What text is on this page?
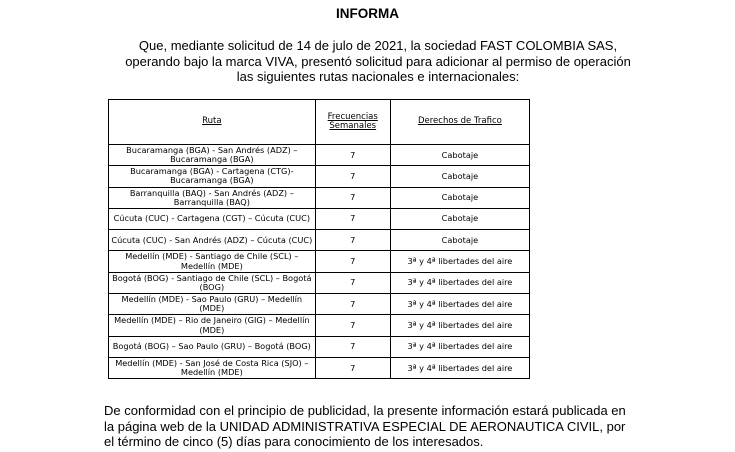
INFORMA
Que, mediante solicitud de 14 de julo de 2021, la sociedad FAST COLOMBIA SAS,
operando bajo la marca VIVA, presentó solicitud para adicionar al permiso de operación
las siguientes rutas nacionales e internacionales:
Ruta	Frecuencias Semanales	Derechos de Trafico
Bucaramanga (BGA) - San Andrés (ADZ) – Bucaramanga (BGA)	7	Cabotaje
Bucaramanga (BGA) - Cartagena (CTG)- Bucaramanga (BGA)	7	Cabotaje
Barranquilla (BAQ) - San Andrés (ADZ) – Barranquilla (BAQ)	7	Cabotaje
Cúcuta (CUC) - Cartagena (CGT) – Cúcuta (CUC)	7	Cabotaje
Cúcuta (CUC) - San Andrés (ADZ) – Cúcuta (CUC)	7	Cabotaje
Medellín (MDE) - Santiago de Chile (SCL) – Medellín (MDE)	7	3ª y 4ª libertades del aire
Bogotá (BOG) - Santiago de Chile (SCL) – Bogotá (BOG)	7	3ª y 4ª libertades del aire
Medellín (MDE) - Sao Paulo (GRU) – Medellín (MDE)	7	3ª y 4ª libertades del aire
Medellín (MDE) – Rio de Janeiro (GIG) – Medellín (MDE)	7	3ª y 4ª libertades del aire
Bogotá (BOG) – Sao Paulo (GRU) – Bogotá (BOG)	7	3ª y 4ª libertades del aire
Medellín (MDE) - San José de Costa Rica (SJO) – Medellín (MDE)	7	3ª y 4ª libertades del aire
De conformidad con el principio de publicidad, la presente información estará publicada en
la página web de la UNIDAD ADMINISTRATIVA ESPECIAL DE AERONAUTICA CIVIL, por
el término de cinco (5) días para conocimiento de los interesados.
